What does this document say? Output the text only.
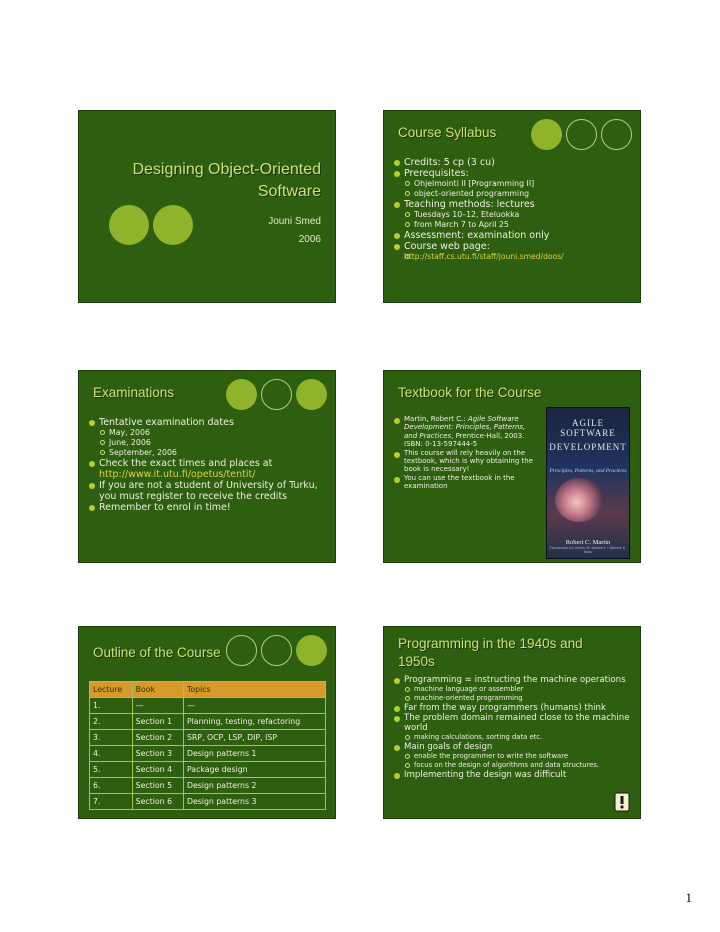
Designing Object-Oriented
Software
Jouni Smed
2006
Course Syllabus

Credits: 5 cp (3 cu)

Prerequisites:

Ohjelmointi II [Programming II]

object-oriented programming

Teaching methods: lectures

Tuesdays 10–12, Eteluokka

from March 7 to April 25

Assessment: examination only

Course web page:

http://staff.cs.utu.fi/staff/jouni.smed/doos/

Examinations

Tentative examination dates

May, 2006

June, 2006

September, 2006

Check the exact times and places at

http://www.it.utu.fi/opetus/tentit/

If you are not a student of University of Turku, you must register to receive the credits

Remember to enrol in time!

Textbook for the Course

Martin, Robert C.: Agile Software Development: Principles, Patterns, and Practices, Prentice-Hall, 2003.
ISBN: 0-13-597444-5

This course will rely heavily on the textbook, which is why obtaining the book is necessary!

You can use the textbook in the examination

AGILE SOFTWARE
DEVELOPMENT
Principles, Patterns, and Practices
Robert C. Martin
Forewords by James W. Newkirk • Robert S. Koss
Outline of the Course
Lecture	Book	Topics
1.	—	—
2.	Section 1	Planning, testing, refactoring
3.	Section 2	SRP, OCP, LSP, DIP, ISP
4.	Section 3	Design patterns 1
5.	Section 4	Package design
6.	Section 5	Design patterns 2
7.	Section 6	Design patterns 3
Programming in the 1940s and
1950s

Programming = instructing the machine operations

machine language or assembler

machine-oriented programming

Far from the way programmers (humans) think

The problem domain remained close to the machine world

making calculations, sorting data etc.

Main goals of design

enable the programmer to write the software

focus on the design of algorithms and data structures.

Implementing the design was difficult

1
